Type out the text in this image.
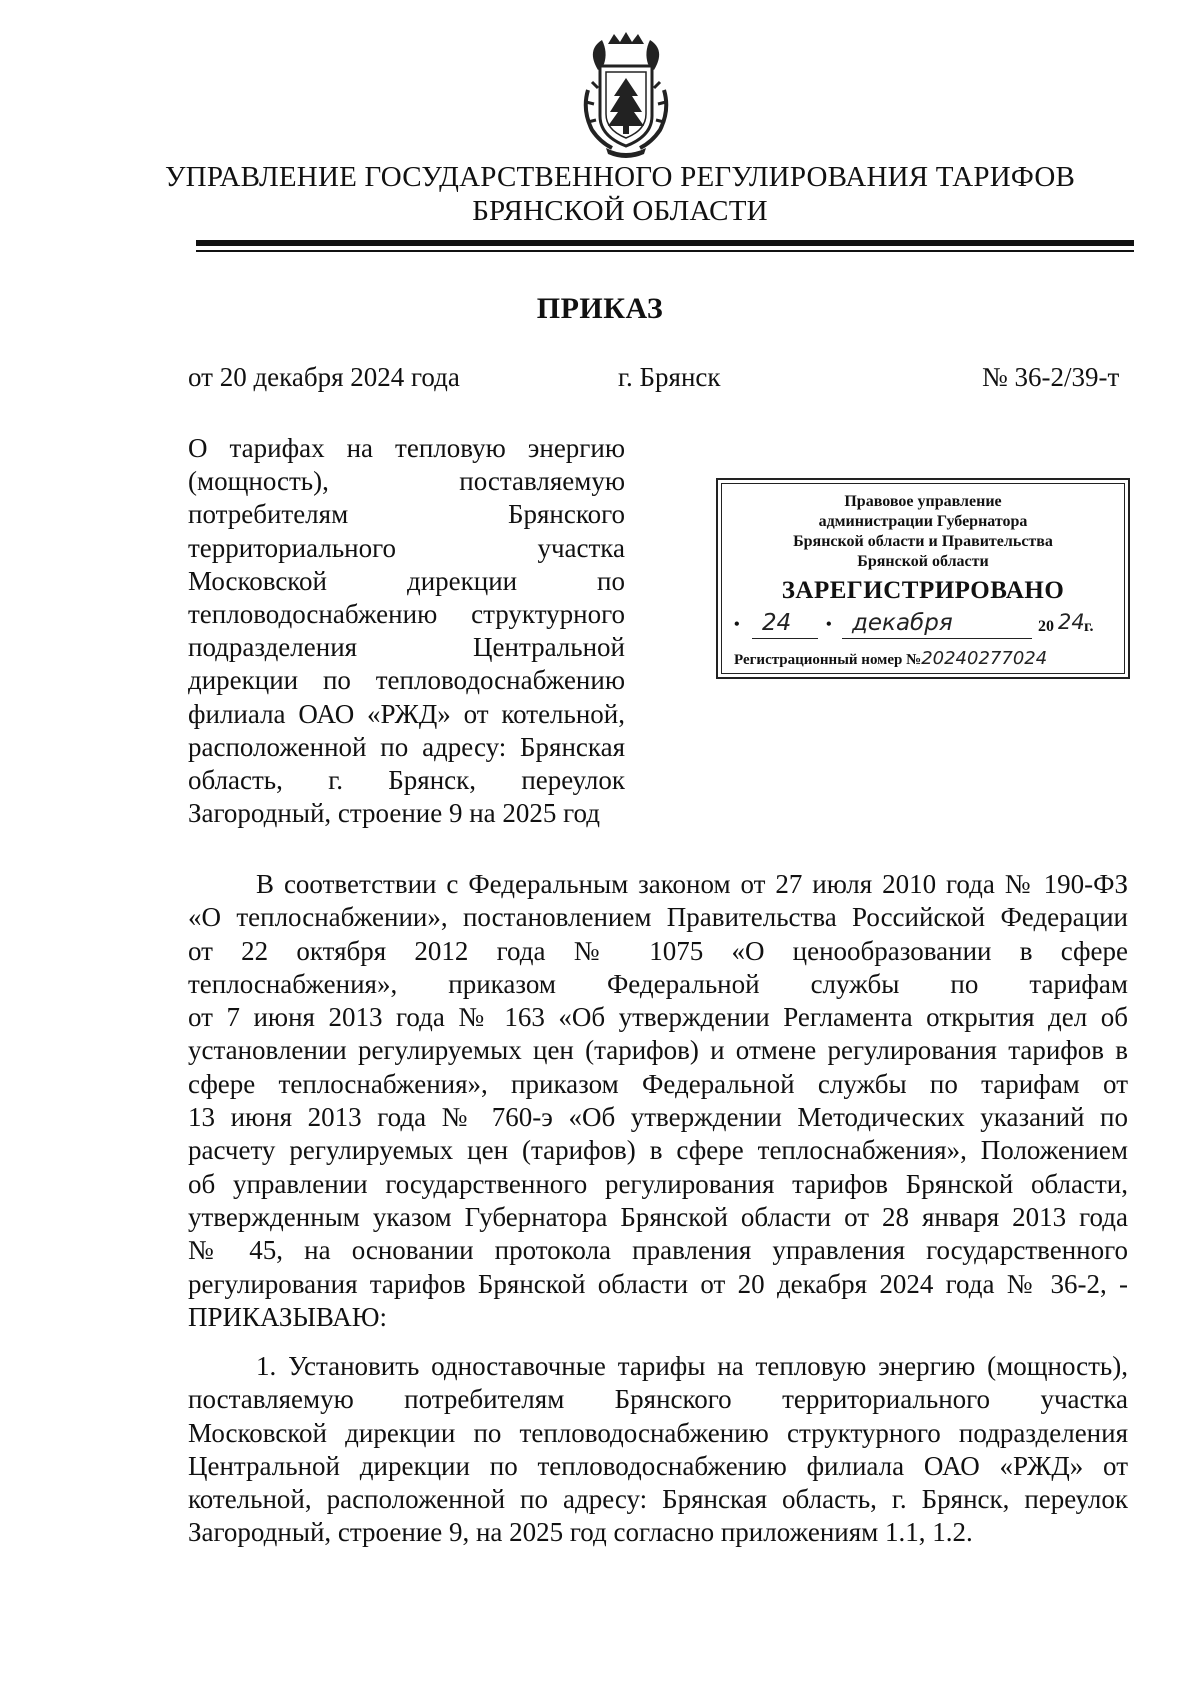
УПРАВЛЕНИЕ ГОСУДАРСТВЕННОГО РЕГУЛИРОВАНИЯ ТАРИФОВ
БРЯНСКОЙ ОБЛАСТИ
ПРИКАЗ
от 20 декабря 2024 года	г. Брянск	№ 36-2/39-т
О тарифах на тепловую энергию
(мощность), поставляемую
потребителям Брянского
территориального участка
Московской дирекции по
тепловодоснабжению структурного
подразделения Центральной
дирекции по тепловодоснабжению
филиала ОАО «РЖД» от котельной,
расположенной по адресу: Брянская
область, г. Брянск, переулок
Загородный, строение 9 на 2025 год
Правовое управление
администрации Губернатора
Брянской области и Правительства
Брянской области
ЗАРЕГИСТРИРОВАНО
• 24 • декабря	20 24 г.
Регистрационный номер №20240277024
В соответствии с Федеральным законом от 27 июля 2010 года № 190-ФЗ
«О теплоснабжении», постановлением Правительства Российской Федерации
от 22 октября 2012 года № 1075 «О ценообразовании в сфере
теплоснабжения», приказом Федеральной службы по тарифам
от 7 июня 2013 года № 163 «Об утверждении Регламента открытия дел об
установлении регулируемых цен (тарифов) и отмене регулирования тарифов в
сфере теплоснабжения», приказом Федеральной службы по тарифам от
13 июня 2013 года № 760-э «Об утверждении Методических указаний по
расчету регулируемых цен (тарифов) в сфере теплоснабжения», Положением
об управлении государственного регулирования тарифов Брянской области,
утвержденным указом Губернатора Брянской области от 28 января 2013 года
№ 45, на основании протокола правления управления государственного
регулирования тарифов Брянской области от 20 декабря 2024 года № 36-2, -
ПРИКАЗЫВАЮ:
1. Установить одноставочные тарифы на тепловую энергию (мощность),
поставляемую потребителям Брянского территориального участка
Московской дирекции по тепловодоснабжению структурного подразделения
Центральной дирекции по тепловодоснабжению филиала ОАО «РЖД» от
котельной, расположенной по адресу: Брянская область, г. Брянск, переулок
Загородный, строение 9, на 2025 год согласно приложениям 1.1, 1.2.
